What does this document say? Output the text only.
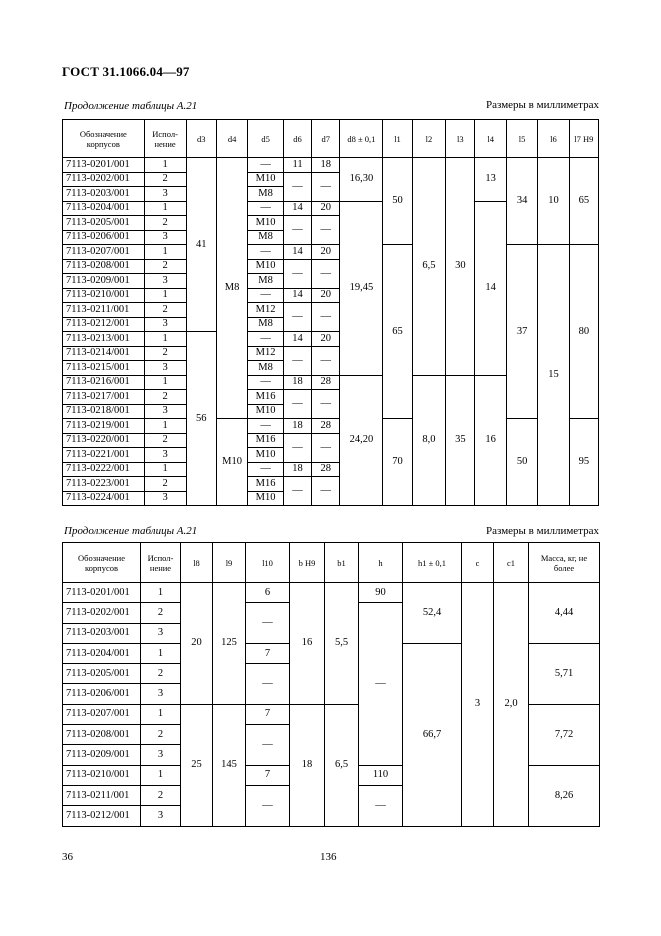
ГОСТ 31.1066.04—97
Продолжение таблицы А.21	Размеры в миллиметрах
Обозначение корпусов	Испол-нение	d3	d4	d5	d6	d7	d8 ± 0,1	l1	l2	l3	l4	l5	l6	l7 H9
7113-0201/001	1	41	M8	—	11	18	16,30	50	6,5	30	13	34	10	65
7113-0202/001	2			M10	—	—								
7113-0203/001	3			M8										
7113-0204/001	1			—	14	20	19,45				14			
7113-0205/001	2			M10	—	—								
7113-0206/001	3			M8										
7113-0207/001	1			—	14	20		65				37	15	80
7113-0208/001	2			M10	—	—								
7113-0209/001	3			M8										
7113-0210/001	1			—	14	20								
7113-0211/001	2			M12	—	—								
7113-0212/001	3			M8										
7113-0213/001	1	56		—	14	20								
7113-0214/001	2			M12	—	—								
7113-0215/001	3			M8										
7113-0216/001	1			—	18	28	24,20		8,0	35	16			
7113-0217/001	2			M16	—	—								
7113-0218/001	3			M10										
7113-0219/001	1		M10	—	18	28		70				50		95
7113-0220/001	2			M16	—	—								
7113-0221/001	3			M10										
7113-0222/001	1			—	18	28								
7113-0223/001	2			M16	—	—								
7113-0224/001	3			M10										
Продолжение таблицы А.21	Размеры в миллиметрах
Обозначение корпусов	Испол-нение	l8	l9	l10	b H9	b1	h	h1 ± 0,1	c	c1	Масса, кг, не более
7113-0201/001	1	20	125	6	16	5,5	90	52,4	3	2,0	4,44
7113-0202/001	2			—			—				
7113-0203/001	3										
7113-0204/001	1			7				66,7			5,71
7113-0205/001	2			—							
7113-0206/001	3										
7113-0207/001	1	25	145	7	18	6,5					7,72
7113-0208/001	2			—							
7113-0209/001	3										
7113-0210/001	1			7			110				8,26
7113-0211/001	2			—			—				
7113-0212/001	3										
36	136
